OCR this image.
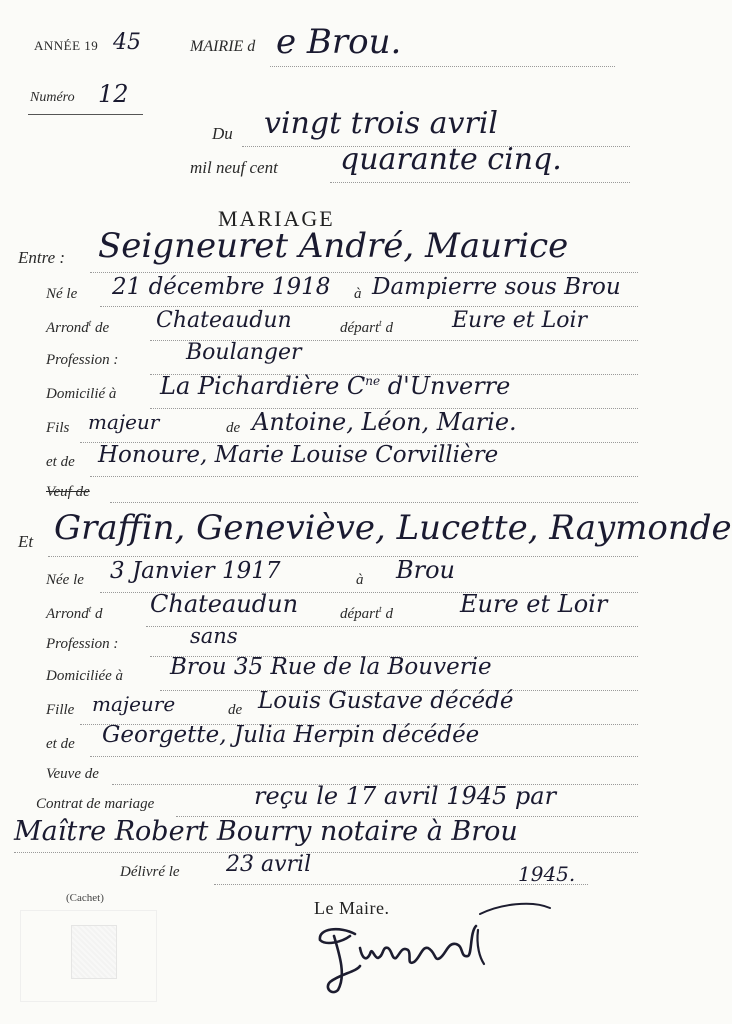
ANNÉE 19 45	MAIRIE d e Brou.
Numéro 12
Du vingt trois avril
mil neuf cent quarante cinq.
MARIAGE
Entre : Seigneuret André, Maurice
Né le 21 décembre 1918 à Dampierre sous Brou
Arrond$^t$ de Chateaudun	départ$^t$ d	Eure et Loir
Profession :	Boulanger
Domicilié à La Pichardière $C^{ne}$ d'Unverre
Fils majeur	de Antoine, Léon, Marie.
et de Honoure, Marie Louise Corvillière
Veuf de
Et Graffin, Geneviève, Lucette, Raymonde
Née le 3 Janvier 1917	à Brou
Arrond$^t$ d Chateaudun	départ$^t$ d	Eure et Loir
Profession :	sans
Domiciliée à Brou 35 Rue de la Bouverie
Fille majeure	de Louis Gustave décédé
et de Georgette, Julia Herpin décédée
Veuve de
Contrat de mariage	reçu le 17 avril 1945 par
Maître Robert Bourry notaire à Brou
Délivré le 23 avril	1945.
(Cachet)	Le Maire.
